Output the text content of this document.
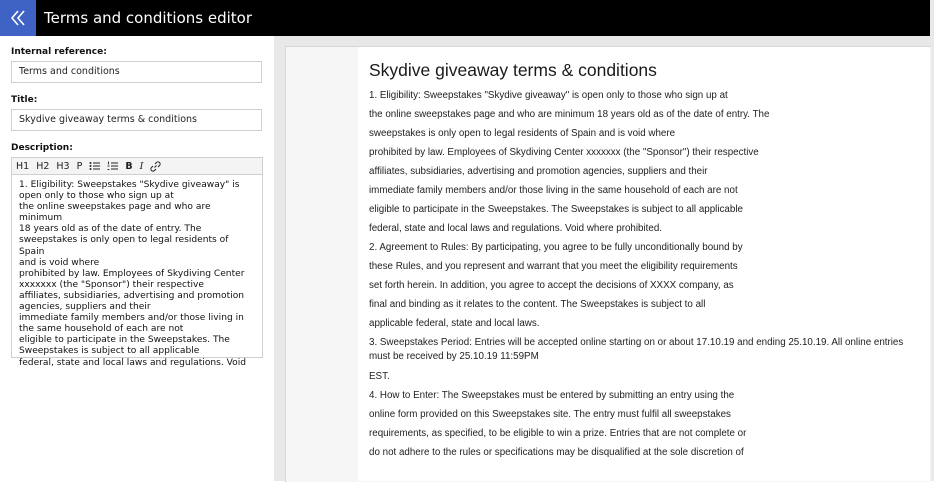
Terms and conditions editor
Internal reference:
Terms and conditions
Title:
Skydive giveaway terms & conditions
Description:
H1 H2 H3 P	B I
1. Eligibility: Sweepstakes "Skydive giveaway" is
open only to those who sign up at
the online sweepstakes page and who are minimum
18 years old as of the date of entry. The
sweepstakes is only open to legal residents of Spain
and is void where
prohibited by law. Employees of Skydiving Center
xxxxxxx (the "Sponsor") their respective
affiliates, subsidiaries, advertising and promotion
agencies, suppliers and their
immediate family members and/or those living in
the same household of each are not
eligible to participate in the Sweepstakes. The
Sweepstakes is subject to all applicable
federal, state and local laws and regulations. Void
Skydive giveaway terms & conditions
1. Eligibility: Sweepstakes "Skydive giveaway" is open only to those who sign up at
the online sweepstakes page and who are minimum 18 years old as of the date of entry. The
sweepstakes is only open to legal residents of Spain and is void where
prohibited by law. Employees of Skydiving Center xxxxxxx (the "Sponsor") their respective
affiliates, subsidiaries, advertising and promotion agencies, suppliers and their
immediate family members and/or those living in the same household of each are not
eligible to participate in the Sweepstakes. The Sweepstakes is subject to all applicable
federal, state and local laws and regulations. Void where prohibited.
2. Agreement to Rules: By participating, you agree to be fully unconditionally bound by
these Rules, and you represent and warrant that you meet the eligibility requirements
set forth herein. In addition, you agree to accept the decisions of XXXX company, as
final and binding as it relates to the content. The Sweepstakes is subject to all
applicable federal, state and local laws.
3. Sweepstakes Period: Entries will be accepted online starting on or about 17.10.19 and ending 25.10.19. All online entries
must be received by 25.10.19 11:59PM
EST.
4. How to Enter: The Sweepstakes must be entered by submitting an entry using the
online form provided on this Sweepstakes site. The entry must fulfil all sweepstakes
requirements, as specified, to be eligible to win a prize. Entries that are not complete or
do not adhere to the rules or specifications may be disqualified at the sole discretion of
